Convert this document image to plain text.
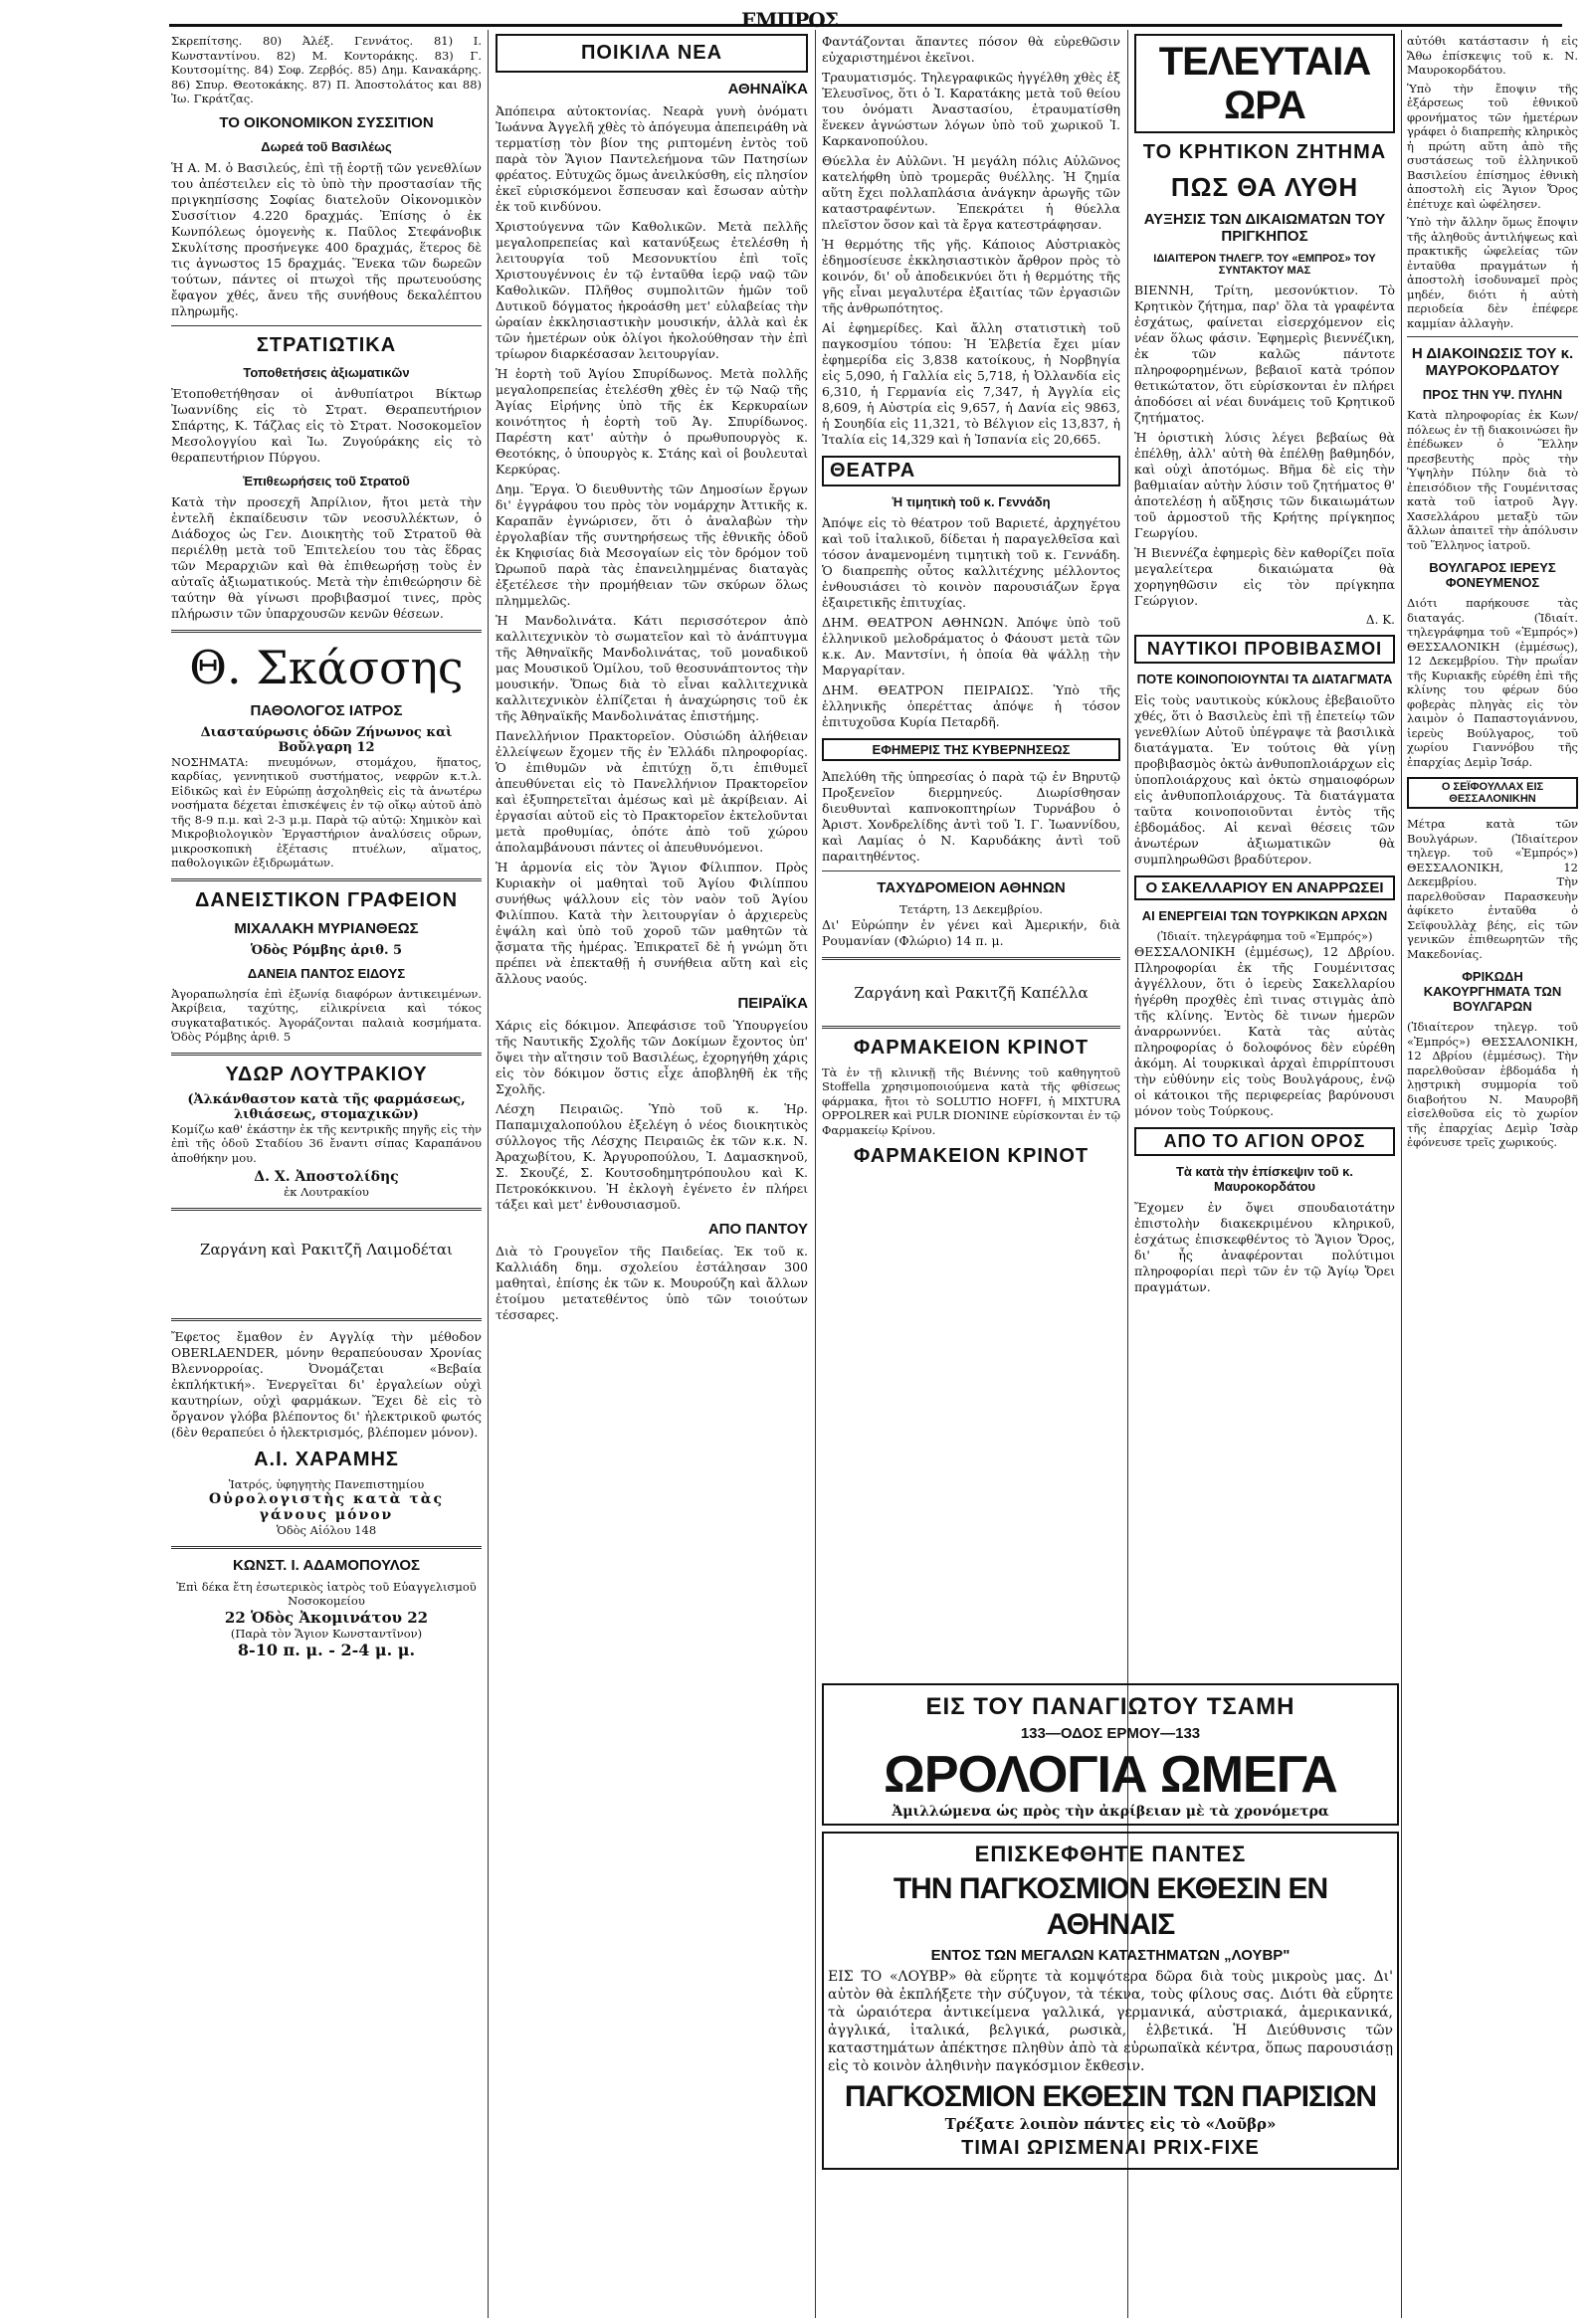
ΕΜΠΡΟΣ

Σκρεπίτσης. 80) Ἀλέξ. Γεννάτος. 81) Ι. Κωνσταντίνου. 82) Μ. Κοντοράκης. 83) Γ. Κουτσομίτης. 84) Σοφ. Ζερβός. 85) Δημ. Κανακάρης. 86) Σπυρ. Θεοτοκάκης. 87) Π. Ἀποστολάτος και 88) Ἰω. Γκράτζας.

ΤΟ ΟΙΚΟΝΟΜΙΚΟΝ ΣΥΣΣΙΤΙΟΝ
Δωρεά τοῦ Βασιλέως

Ἡ Α. Μ. ὁ Βασιλεύς, ἐπὶ τῇ ἑορτῇ τῶν γενεθλίων του ἀπέστειλεν εἰς τὸ ὑπὸ τὴν προστασίαν τῆς πριγκηπίσσης Σοφίας διατελοῦν Οἰκονομικὸν Συσσίτιον 4.220 δραχμάς. Ἐπίσης ὁ ἐκ Κωνπόλεως ὁμογενὴς κ. Παῦλος Στεφάνοβικ Σκυλίτσης προσήνεγκε 400 δραχμάς, ἕτερος δὲ τις ἀγνωστος 15 δραχμάς. Ἕνεκα τῶν δωρεῶν τούτων, πάντες οἱ πτωχοὶ τῆς πρωτευούσης ἔφαγον χθές, ἄνευ τῆς συνήθους δεκαλέπτου πληρωμῆς.

ΣΤΡΑΤΙΩΤΙΚΑ
Τοποθετήσεις ἀξιωματικῶν

Ἐτοποθετήθησαν οἱ ἀνθυπίατροι Βίκτωρ Ἰωαννίδης εἰς τὸ Στρατ. Θεραπευτήριον Σπάρτης, Κ. Τάζλας εἰς τὸ Στρατ. Νοσοκομεῖον Μεσολογγίου καὶ Ἰω. Ζυγούράκης εἰς τὸ θεραπευτήριον Πύργου.

Ἐπιθεωρήσεις τοῦ Στρατοῦ

Κατὰ τὴν προσεχῆ Ἀπρίλιον, ἤτοι μετὰ τὴν ἐντελῆ ἐκπαίδευσιν τῶν νεοσυλλέκτων, ὁ Διάδοχος ὡς Γεν. Διοικητὴς τοῦ Στρατοῦ θὰ περιέλθῃ μετὰ τοῦ Ἐπιτελείου του τὰς ἕδρας τῶν Μεραρχιῶν καὶ θὰ ἐπιθεωρήσῃ τοὺς ἐν αὐταῖς ἀξιωματικούς. Μετὰ τὴν ἐπιθεώρησιν δὲ ταύτην θὰ γίνωσι προβιβασμοί τινες, πρὸς πλήρωσιν τῶν ὑπαρχουσῶν κενῶν θέσεων.

Θ. Σκάσσης
ΠΑΘΟΛΟΓΟΣ ΙΑΤΡΟΣ
Διασταύρωσις ὁδῶν Ζήνωνος καὶ Βοὔλγαρη 12

ΝΟΣΗΜΑΤΑ: πνευμόνων, στομάχου, ἥπατος, καρδίας, γεννητικοῦ συστήματος, νεφρῶν κ.τ.λ. Εἰδικῶς καὶ ἐν Εὐρώπῃ ἀσχοληθεὶς εἰς τὰ ἀνωτέρω νοσήματα δέχεται ἐπισκέψεις ἐν τῷ οἴκῳ αὐτοῦ ἀπὸ τῆς 8-9 π.μ. καὶ 2-3 μ.μ. Παρὰ τῷ αὐτῷ: Χημικὸν καὶ Μικροβιολογικὸν Ἐργαστήριον ἀναλύσεις οὔρων, μικροσκοπικὴ ἐξέτασις πτυέλων, αἵματος, παθολογικῶν ἐξιδρωμάτων.

ΔΑΝΕΙΣΤΙΚΟΝ ΓΡΑΦΕΙΟΝ
ΜΙΧΑΛΑΚΗ ΜΥΡΙΑΝΘΕΩΣ
Ὁδὸς Ρόμβης ἀριθ. 5
ΔΑΝΕΙΑ ΠΑΝΤΟΣ ΕΙΔΟΥΣ

Ἀγοραπωλησία ἐπὶ ἐξωνίᾳ διαφόρων ἀντικειμένων. Ἀκρίβεια, ταχύτης, εἰλικρίνεια καὶ τόκος συγκαταβατικός. Ἀγοράζονται παλαιὰ κοσμήματα. Ὁδὸς Ρόμβης ἀριθ. 5

ΥΔΩΡ ΛΟΥΤΡΑΚΙΟΥ
(Ἀλκάνθαστον κατὰ τῆς φαρμάσεως, λιθιάσεως, στομαχικῶν)

Κομίζω καθ' ἑκάστην ἐκ τῆς κεντρικῆς πηγῆς εἰς τὴν ἐπὶ τῆς ὁδοῦ Σταδίου 36 ἔναντι σίπας Καραπάνου ἀποθήκην μου.

Δ. Χ. Ἀποστολίδης
ἐκ Λουτρακίου
Ζαργάνη καὶ Ρακιτζῆ Λαιμοδέται

Ἔφετος ἔμαθον ἐν Αγγλίᾳ τὴν μέθοδον OBERLAENDER, μόνην θεραπεύουσαν Χρονίας Βλεννορροίας. Ὀνομάζεται «Βεβαία ἐκπλήκτική». Ἐνεργεῖται δι' ἐργαλείων οὐχὶ καυτηρίων, οὐχὶ φαρμάκων. Ἔχει δὲ εἰς τὸ ὄργανον γλόβα βλέποντος δι' ἠλεκτρικοῦ φωτός (δὲν θεραπεύει ὁ ἠλεκτρισμός, βλέπομεν μόνον).

Α.Ι. ΧΑΡΑΜΗΣ
Ἰατρός, ὑφηγητὴς Πανεπιστημίου
Οὐρολογιστὴς κατὰ τὰς γάνους μόνον
Ὁδὸς Αἰόλου 148
ΚΩΝΣΤ. Ι. ΑΔΑΜΟΠΟΥΛΟΣ
Ἐπὶ δέκα ἔτη ἐσωτερικὸς ἰατρὸς τοῦ Εὐαγγελισμοῦ Νοσοκομείου
22 Ὁδὸς Ἀκομινάτου 22
(Παρὰ τὸν Ἅγιον Κωνσταντῖνον)
8-10 π. μ. - 2-4 μ. μ.
ΠΟΙΚΙΛΑ ΝΕΑ
ΑΘΗΝΑΪΚΑ

Ἀπόπειρα αὐτοκτονίας. Νεαρὰ γυνὴ ὀνόματι Ἰωάννα Ἀγγελῆ χθὲς τὸ ἀπόγευμα ἀπεπειράθη νὰ τερματίσῃ τὸν βίον της ριπτομένη ἐντὸς τοῦ παρὰ τὸν Ἅγιον Παντελεήμονα τῶν Πατησίων φρέατος. Εὐτυχῶς ὅμως ἀνειλκύσθη, εἰς πλησίον ἐκεῖ εὑρισκόμενοι ἔσπευσαν καὶ ἔσωσαν αὐτὴν ἐκ τοῦ κινδύνου.

Χριστούγεννα τῶν Καθολικῶν. Μετὰ πελλῆς μεγαλοπρεπείας καὶ κατανύξεως ἐτελέσθη ἡ λειτουργία τοῦ Μεσονυκτίου ἐπὶ τοῖς Χριστουγέννοις ἐν τῷ ἐνταῦθα ἱερῷ ναῷ τῶν Καθολικῶν. Πλῆθος συμπολιτῶν ἡμῶν τοῦ Δυτικοῦ δόγματος ἠκροάσθη μετ' εὐλαβείας τὴν ὡραίαν ἐκκλησιαστικὴν μουσικήν, ἀλλὰ καὶ ἐκ τῶν ἡμετέρων οὐκ ὀλίγοι ἠκολούθησαν τὴν ἐπὶ τρίωρον διαρκέσασαν λειτουργίαν.

Ἡ ἑορτὴ τοῦ Ἁγίου Σπυρίδωνος. Μετὰ πολλῆς μεγαλοπρεπείας ἐτελέσθη χθὲς ἐν τῷ Ναῷ τῆς Ἁγίας Εἰρήνης ὑπὸ τῆς ἐκ Κερκυραίων κοινότητος ἡ ἑορτὴ τοῦ Ἁγ. Σπυρίδωνος. Παρέστη κατ' αὐτὴν ὁ πρωθυπουργὸς κ. Θεοτόκης, ὁ ὑπουργὸς κ. Στάης καὶ οἱ βουλευταὶ Κερκύρας.

Δημ. Ἔργα. Ὁ διευθυντὴς τῶν Δημοσίων ἔργων δι' ἐγγράφου του πρὸς τὸν νομάρχην Ἀττικῆς κ. Καραπᾶν ἐγνώρισεν, ὅτι ὁ ἀναλαβὼν τὴν ἐργολαβίαν τῆς συντηρήσεως τῆς ἐθνικῆς ὁδοῦ ἐκ Κηφισίας διὰ Μεσογαίων εἰς τὸν δρόμον τοῦ Ὠρωποῦ παρὰ τὰς ἐπανειλημμένας διαταγὰς ἐξετέλεσε τὴν προμήθειαν τῶν σκύρων ὅλως πλημμελῶς.

Ἡ Μανδολινάτα. Κάτι περισσότερον ἀπὸ καλλιτεχνικὸν τὸ σωματεῖον καὶ τὸ ἀνάπτυγμα τῆς Ἀθηναϊκῆς Μανδολινάτας, τοῦ μοναδικοῦ μας Μουσικοῦ Ὁμίλου, τοῦ θεοσυνάπτοντος τὴν μουσικήν. Ὅπως διὰ τὸ εἶναι καλλιτεχνικὰ καλλιτεχνικὸν ἐλπίζεται ἡ ἀναχώρησις τοῦ ἐκ τῆς Ἀθηναϊκῆς Μανδολινάτας ἐπιστήμης.

Πανελλήνιον Πρακτορεῖον. Οὐσιώδη ἀλήθειαν ἐλλείψεων ἔχομεν τῆς ἐν Ἑλλάδι πληροφορίας. Ὁ ἐπιθυμῶν νὰ ἐπιτύχῃ ὅ,τι ἐπιθυμεῖ ἀπευθύνεται εἰς τὸ Πανελλήνιον Πρακτορεῖον καὶ ἐξυπηρετεῖται ἀμέσως καὶ μὲ ἀκρίβειαν. Αἱ ἐργασίαι αὐτοῦ εἰς τὸ Πρακτορεῖον ἐκτελοῦνται μετὰ προθυμίας, ὁπότε ἀπὸ τοῦ χώρου ἀπολαμβάνουσι πάντες οἱ ἀπευθυνόμενοι.

Ἡ ἁρμονία εἰς τὸν Ἅγιον Φίλιππον. Πρὸς Κυριακὴν οἱ μαθηταὶ τοῦ Ἁγίου Φιλίππου συνήθως ψάλλουν εἰς τὸν ναὸν τοῦ Ἁγίου Φιλίππου. Κατὰ τὴν λειτουργίαν ὁ ἀρχιερεὺς ἐψάλη καὶ ὑπὸ τοῦ χοροῦ τῶν μαθητῶν τὰ ᾄσματα τῆς ἡμέρας. Ἐπικρατεῖ δὲ ἡ γνώμη ὅτι πρέπει νὰ ἐπεκταθῇ ἡ συνήθεια αὕτη καὶ εἰς ἄλλους ναούς.

ΠΕΙΡΑΪΚΑ

Χάρις εἰς δόκιμον. Ἀπεφάσισε τοῦ Ὑπουργείου τῆς Ναυτικῆς Σχολῆς τῶν Δοκίμων ἔχοντος ὑπ' ὄψει τὴν αἴτησιν τοῦ Βασιλέως, ἐχορηγήθη χάρις εἰς τὸν δόκιμον ὅστις εἶχε ἀποβληθῆ ἐκ τῆς Σχολῆς.

Λέσχη Πειραιῶς. Ὑπὸ τοῦ κ. Ἡρ. Παπαμιχαλοπούλου ἐξελέγη ὁ νέος διοικητικὸς σύλλογος τῆς Λέσχης Πειραιῶς ἐκ τῶν κ.κ. Ν. Ἀραχωβίτου, Κ. Ἀργυροπούλου, Ἰ. Δαμασκηνοῦ, Σ. Σκουζέ, Σ. Κουτσοδημητρόπουλου καὶ Κ. Πετροκόκκινου. Ἡ ἐκλογὴ ἐγένετο ἐν πλήρει τάξει καὶ μετ' ἐνθουσιασμοῦ.

ΑΠΟ ΠΑΝΤΟΥ

Διὰ τὸ Γρουγεῖον τῆς Παιδείας. Ἐκ τοῦ κ. Καλλιάδη δημ. σχολείου ἐστάλησαν 300 μαθηταὶ, ἐπίσης ἐκ τῶν κ. Μουρούζη καὶ ἄλλων ἐτοίμου μετατεθέντος ὑπὸ τῶν τοιούτων τέσσαρες.

Φαντάζονται ἅπαντες πόσον θὰ εὑρεθῶσιν εὐχαριστημένοι ἐκεῖνοι.

Τραυματισμός. Τηλεγραφικῶς ἠγγέλθη χθὲς ἐξ Ἐλευσῖνος, ὅτι ὁ Ἰ. Καρατάκης μετὰ τοῦ θείου του ὀνόματι Ἀναστασίου, ἐτραυματίσθη ἕνεκεν ἀγνώστων λόγων ὑπὸ τοῦ χωρικοῦ Ἰ. Καρκανοπούλου.

Θύελλα ἐν Αὐλῶνι. Ἡ μεγάλη πόλις Αὐλῶνος κατελήφθη ὑπὸ τρομερᾶς θυέλλης. Ἡ ζημία αὕτη ἔχει πολλαπλάσια ἀνάγκην ἀρωγῆς τῶν καταστραφέντων. Ἐπεκράτει ἡ θύελλα πλεῖστον ὅσον καὶ τὰ ἔργα κατεστράφησαν.

Ἡ θερμότης τῆς γῆς. Κάποιος Αὐστριακὸς ἐδημοσίευσε ἐκκλησιαστικὸν ἄρθρον πρὸς τὸ κοινόν, δι' οὗ ἀποδεικνύει ὅτι ἡ θερμότης τῆς γῆς εἶναι μεγαλυτέρα ἐξαιτίας τῶν ἐργασιῶν τῆς ἀνθρωπότητος.

Αἱ ἑφημερίδες. Καὶ ἄλλη στατιστικὴ τοῦ παγκοσμίου τόπου: Ἡ Ἑλβετία ἔχει μίαν ἐφημερίδα εἰς 3,838 κατοίκους, ἡ Νορβηγία εἰς 5,090, ἡ Γαλλία εἰς 5,718, ἡ Ὀλλανδία εἰς 6,310, ἡ Γερμανία εἰς 7,347, ἡ Ἀγγλία εἰς 8,609, ἡ Αὐστρία εἰς 9,657, ἡ Δανία εἰς 9863, ἡ Σουηδία εἰς 11,321, τὸ Βέλγιον εἰς 13,837, ἡ Ἰταλία εἰς 14,329 καὶ ἡ Ἰσπανία εἰς 20,665.

ΘΕΑΤΡΑ
Ἡ τιμητικὴ τοῦ κ. Γεννάδη

Ἀπόψε εἰς τὸ θέατρον τοῦ Βαριετέ, ἀρχηγέτου καὶ τοῦ ἰταλικοῦ, δίδεται ἡ παραγελθεῖσα καὶ τόσον ἀναμενομένη τιμητικὴ τοῦ κ. Γεννάδη. Ὁ διαπρεπὴς οὗτος καλλιτέχνης μέλλοντος ἐνθουσιάσει τὸ κοινὸν παρουσιάζων ἔργα ἐξαιρετικῆς ἐπιτυχίας.

ΔΗΜ. ΘΕΑΤΡΟΝ ΑΘΗΝΩΝ. Ἀπόψε ὑπὸ τοῦ ἑλληνικοῦ μελοδράματος ὁ Φάουστ μετὰ τῶν κ.κ. Αν. Μαντσίνι, ἡ ὁποία θὰ ψάλλῃ τὴν Μαργαρίταν.

ΔΗΜ. ΘΕΑΤΡΟΝ ΠΕΙΡΑΙΩΣ. Ὑπὸ τῆς ἑλληνικῆς ὀπερέττας ἀπόψε ἡ τόσον ἐπιτυχοῦσα Κυρία Πεταρδῆ.

ΕΦΗΜΕΡΙΣ ΤΗΣ ΚΥΒΕΡΝΗΣΕΩΣ

Ἀπελύθη τῆς ὑπηρεσίας ὁ παρὰ τῷ ἐν Βηρυτῷ Προξενεῖον διερμηνεύς. Διωρίσθησαν διευθυνταὶ καπνοκοπτηρίων Τυρνάβου ὁ Ἀριστ. Χονδρελίδης ἀντὶ τοῦ Ἰ. Γ. Ἰωαννίδου, καὶ Λαμίας ὁ Ν. Καρυδάκης ἀντὶ τοῦ παραιτηθέντος.

ΤΑΧΥΔΡΟΜΕΙΟΝ ΑΘΗΝΩΝ
Τετάρτη, 13 Δεκεμβρίου.

Δι' Εὐρώπην ἐν γένει καὶ Ἀμερικήν, διὰ Ρουμανίαν (Φλώριο) 14 π. μ.

Ζαργάνη καὶ Ρακιτζῆ Καπέλλα
ΦΑΡΜΑΚΕΙΟΝ ΚΡΙΝΟΤ

Τὰ ἐν τῇ κλινικῇ τῆς Βιέννης τοῦ καθηγητοῦ Stoffella χρησιμοποιούμενα κατὰ τῆς φθίσεως φάρμακα, ἤτοι τὸ SOLUTIO HOFFI, ἡ MIXTURA OPPOLRER καὶ PULR DIONINE εὑρίσκονται ἐν τῷ Φαρμακείῳ Κρίνου.

ΦΑΡΜΑΚΕΙΟΝ ΚΡΙΝΟΤ
ΤΕΛΕΥΤΑΙΑ ΩΡΑ
ΤΟ ΚΡΗΤΙΚΟΝ ΖΗΤΗΜΑ
ΠΩΣ ΘΑ ΛΥΘΗ
ΑΥΞΗΣΙΣ ΤΩΝ ΔΙΚΑΙΩΜΑΤΩΝ ΤΟΥ ΠΡΙΓΚΗΠΟΣ
ΙΔΙΑΙΤΕΡΟΝ ΤΗΛΕΓΡ. ΤΟΥ «ΕΜΠΡΟΣ» ΤΟΥ ΣΥΝΤΑΚΤΟΥ ΜΑΣ

ΒΙΕΝΝΗ, Τρίτη, μεσονύκτιον. Τὸ Κρητικὸν ζήτημα, παρ' ὅλα τὰ γραφέντα ἐσχάτως, φαίνεται εἰσερχόμενον εἰς νέαν ὅλως φάσιν. Ἐφημερὶς βιεννέζικη, ἐκ τῶν καλῶς πάντοτε πληροφορημένων, βεβαιοῖ κατὰ τρόπον θετικώτατον, ὅτι εὑρίσκονται ἐν πλήρει ἀποδόσει αἱ νέαι δυνάμεις τοῦ Κρητικοῦ ζητήματος.

Ἡ ὁριστικὴ λύσις λέγει βεβαίως θὰ ἐπέλθῃ, ἀλλ' αὐτὴ θὰ ἐπέλθῃ βαθμηδόν, καὶ οὐχὶ ἀποτόμως. Βῆμα δὲ εἰς τὴν βαθμιαίαν αὐτὴν λύσιν τοῦ ζητήματος θ' ἀποτελέσῃ ἡ αὔξησις τῶν δικαιωμάτων τοῦ ἀρμοστοῦ τῆς Κρήτης πρίγκηπος Γεωργίου.

Ἡ Βιεννέζα ἐφημερὶς δὲν καθορίζει ποῖα μεγαλείτερα δικαιώματα θὰ χορηγηθῶσιν εἰς τὸν πρίγκηπα Γεώργιον.

Δ. Κ.
ΝΑΥΤΙΚΟΙ ΠΡΟΒΙΒΑΣΜΟΙ
ΠΟΤΕ ΚΟΙΝΟΠΟΙΟΥΝΤΑΙ ΤΑ ΔΙΑΤΑΓΜΑΤΑ

Εἰς τοὺς ναυτικοὺς κύκλους ἐβεβαιοῦτο χθές, ὅτι ὁ Βασιλεὺς ἐπὶ τῇ ἐπετείῳ τῶν γενεθλίων Αὐτοῦ ὑπέγραψε τὰ βασιλικὰ διατάγματα. Ἐν τούτοις θὰ γίνῃ προβιβασμὸς ὀκτὼ ἀνθυποπλοιάρχων εἰς ὑποπλοιάρχους καὶ ὀκτὼ σημαιοφόρων εἰς ἀνθυποπλοιάρχους. Τὰ διατάγματα ταῦτα κοινοποιοῦνται ἐντὸς τῆς ἑβδομάδος. Αἱ κεναὶ θέσεις τῶν ἀνωτέρων ἀξιωματικῶν θὰ συμπληρωθῶσι βραδύτερον.

Ο ΣΑΚΕΛΛΑΡΙΟΥ ΕΝ ΑΝΑΡΡΩΣΕΙ
ΑΙ ΕΝΕΡΓΕΙΑΙ ΤΩΝ ΤΟΥΡΚΙΚΩΝ ΑΡΧΩΝ
(Ἰδιαίτ. τηλεγράφημα τοῦ «Ἐμπρός»)

ΘΕΣΣΑΛΟΝΙΚΗ (ἐμμέσως), 12 Δβρίου. Πληροφορίαι ἐκ τῆς Γουμένιτσας ἀγγέλλουν, ὅτι ὁ ἱερεὺς Σακελλαρίου ἠγέρθη προχθὲς ἐπὶ τινας στιγμὰς ἀπὸ τῆς κλίνης. Ἐντὸς δὲ τινων ἡμερῶν ἀναρρωννύει. Κατὰ τὰς αὐτὰς πληροφορίας ὁ δολοφόνος δὲν εὑρέθη ἀκόμη. Αἱ τουρκικαὶ ἀρχαὶ ἐπιρρίπτουσι τὴν εὐθύνην εἰς τοὺς Βουλγάρους, ἐνῷ οἱ κάτοικοι τῆς περιφερείας βαρύνουσι μόνον τοὺς Τούρκους.

ΑΠΟ ΤΟ ΑΓΙΟΝ ΟΡΟΣ
Τὰ κατὰ τὴν ἐπίσκεψιν τοῦ κ. Μαυροκορδάτου

Ἔχομεν ἐν ὄψει σπουδαιοτάτην ἐπιστολὴν διακεκριμένου κληρικοῦ, ἐσχάτως ἐπισκεφθέντος τὸ Ἅγιον Ὄρος, δι' ἧς ἀναφέρονται πολύτιμοι πληροφορίαι περὶ τῶν ἐν τῷ Ἁγίῳ Ὄρει πραγμάτων.

αὐτόθι κατάστασιν ἡ εἰς Ἄθω ἐπίσκεψις τοῦ κ. Ν. Μαυροκορδάτου.

Ὑπὸ τὴν ἔποψιν τῆς ἐξάρσεως τοῦ ἐθνικοῦ φρονήματος τῶν ἡμετέρων γράφει ὁ διαπρεπὴς κληρικὸς ἡ πρώτη αὕτη ἀπὸ τῆς συστάσεως τοῦ ἑλληνικοῦ Βασιλείου ἐπίσημος ἐθνικὴ ἀποστολὴ εἰς Ἅγιον Ὄρος ἐπέτυχε καὶ ὠφέλησεν.

Ὑπὸ τὴν ἄλλην ὅμως ἔποψιν τῆς ἀληθοῦς ἀντιλήψεως καὶ πρακτικῆς ὠφελείας τῶν ἐνταῦθα πραγμάτων ἡ ἀποστολὴ ἰσοδυναμεῖ πρὸς μηδέν, διότι ἡ αὐτὴ περιοδεία δὲν ἐπέφερε καμμίαν ἀλλαγὴν.

Η ΔΙΑΚΟΙΝΩΣΙΣ ΤΟΥ κ. ΜΑΥΡΟΚΟΡΔΑΤΟΥ
ΠΡΟΣ ΤΗΝ ΥΨ. ΠΥΛΗΝ

Κατὰ πληροφορίας ἐκ Κων/πόλεως ἐν τῇ διακοινώσει ἣν ἐπέδωκεν ὁ Ἕλλην πρεσβευτὴς πρὸς τὴν Ὑψηλὴν Πύλην διὰ τὸ ἐπεισόδιον τῆς Γουμένιτσας κατὰ τοῦ ἰατροῦ Ἀγγ. Χασελλάρου μεταξὺ τῶν ἄλλων ἀπαιτεῖ τὴν ἀπόλυσιν τοῦ Ἕλληνος ἰατροῦ.

ΒΟΥΛΓΑΡΟΣ ΙΕΡΕΥΣ ΦΟΝΕΥΜΕΝΟΣ

Διότι παρήκουσε τὰς διαταγάς. (Ἰδιαίτ. τηλεγράφημα τοῦ «Ἐμπρός») ΘΕΣΣΑΛΟΝΙΚΗ (ἐμμέσως), 12 Δεκεμβρίου. Τὴν πρωΐαν τῆς Κυριακῆς εὑρέθη ἐπὶ τῆς κλίνης του φέρων δύο φοβερὰς πληγὰς εἰς τὸν λαιμὸν ὁ Παπαστογιάννου, ἱερεὺς Βούλγαρος, τοῦ χωρίου Γιαννόβου τῆς ἐπαρχίας Δεμὶρ Ἱσάρ.

Ο ΣΕΪΦΟΥΛΛΑΧ ΕΙΣ ΘΕΣΣΑΛΟΝΙΚΗΝ

Μέτρα κατὰ τῶν Βουλγάρων. (Ἰδιαίτερον τηλεγρ. τοῦ «Ἐμπρός») ΘΕΣΣΑΛΟΝΙΚΗ, 12 Δεκεμβρίου. Τὴν παρελθοῦσαν Παρασκευὴν ἀφίκετο ἐνταῦθα ὁ Σεϊφουλλὰχ βέης, εἰς τῶν γενικῶν ἐπιθεωρητῶν τῆς Μακεδονίας.

ΦΡΙΚΩΔΗ ΚΑΚΟΥΡΓΗΜΑΤΑ ΤΩΝ ΒΟΥΛΓΑΡΩΝ

(Ἰδιαίτερον τηλεγρ. τοῦ «Ἐμπρός») ΘΕΣΣΑΛΟΝΙΚΗ, 12 Δβρίου (ἐμμέσως). Τὴν παρελθοῦσαν ἑβδομάδα ἡ λῃστρικὴ συμμορία τοῦ διαβοήτου Ν. Μαυροβῆ εἰσελθοῦσα εἰς τὸ χωρίον τῆς ἐπαρχίας Δεμὶρ Ἱσὰρ ἐφόνευσε τρεῖς χωρικούς.

ΕΙΣ ΤΟΥ ΠΑΝΑΓΙΩΤΟΥ ΤΣΑΜΗ
133—ΟΔΟΣ ΕΡΜΟΥ—133
ΩΡΟΛΟΓΙΑ ΩΜΕΓΑ
Ἀμιλλώμενα ὡς πρὸς τὴν ἀκρίβειαν μὲ τὰ χρονόμετρα
ΕΠΙΣΚΕΦΘΗΤΕ ΠΑΝΤΕΣ
ΤΗΝ ΠΑΓΚΟΣΜΙΟΝ ΕΚΘΕΣΙΝ ΕΝ ΑΘΗΝΑΙΣ
ΕΝΤΟΣ ΤΩΝ ΜΕΓΑΛΩΝ ΚΑΤΑΣΤΗΜΑΤΩΝ „ΛΟΥΒΡ"

ΕΙΣ ΤΟ «ΛΟΥΒΡ» θὰ εὕρητε τὰ κομψότερα δῶρα διὰ τοὺς μικροὺς μας. Δι' αὐτὸν θὰ ἐκπλήξετε τὴν σύζυγον, τὰ τέκνα, τοὺς φίλους σας. Διότι θὰ εὕρητε τὰ ὡραιότερα ἀντικείμενα γαλλικά, γερμανικά, αὐστριακά, ἀμερικανικά, ἀγγλικά, ἰταλικά, βελγικά, ρωσικὰ, ἑλβετικά. Ἡ Διεύθυνσις τῶν καταστημάτων ἀπέκτησε πληθὺν ἀπὸ τὰ εὐρωπαϊκὰ κέντρα, ὅπως παρουσιάσῃ εἰς τὸ κοινὸν ἀληθινὴν παγκόσμιον ἔκθεσιν.

ΠΑΓΚΟΣΜΙΟΝ ΕΚΘΕΣΙΝ ΤΩΝ ΠΑΡΙΣΙΩΝ
Τρέξατε λοιπὸν πάντες εἰς τὸ «Λοῦβρ»
ΤΙΜΑΙ ΩΡΙΣΜΕΝΑΙ PRIX-FIXE
